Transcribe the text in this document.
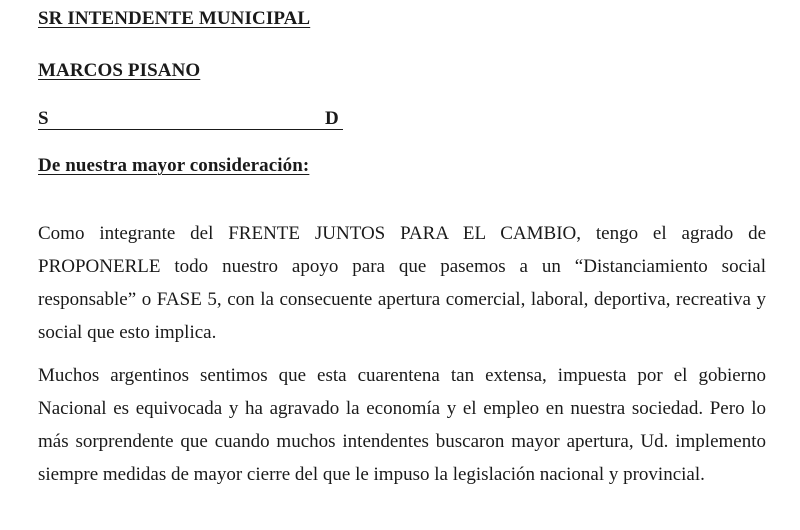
SR INTENDENTE MUNICIPAL
MARCOS PISANO
S	D
De nuestra mayor consideración:

Como integrante del FRENTE JUNTOS PARA EL CAMBIO, tengo el agrado de PROPONERLE todo nuestro apoyo para que pasemos a un “Distanciamiento social responsable” o FASE 5, con la consecuente apertura comercial, laboral, deportiva, recreativa y social que esto implica.

Muchos argentinos sentimos que esta cuarentena tan extensa, impuesta por el gobierno Nacional es equivocada y ha agravado la economía y el empleo en nuestra sociedad. Pero lo más sorprendente que cuando muchos intendentes buscaron mayor apertura, Ud. implemento siempre medidas de mayor cierre del que le impuso la legislación nacional y provincial.
